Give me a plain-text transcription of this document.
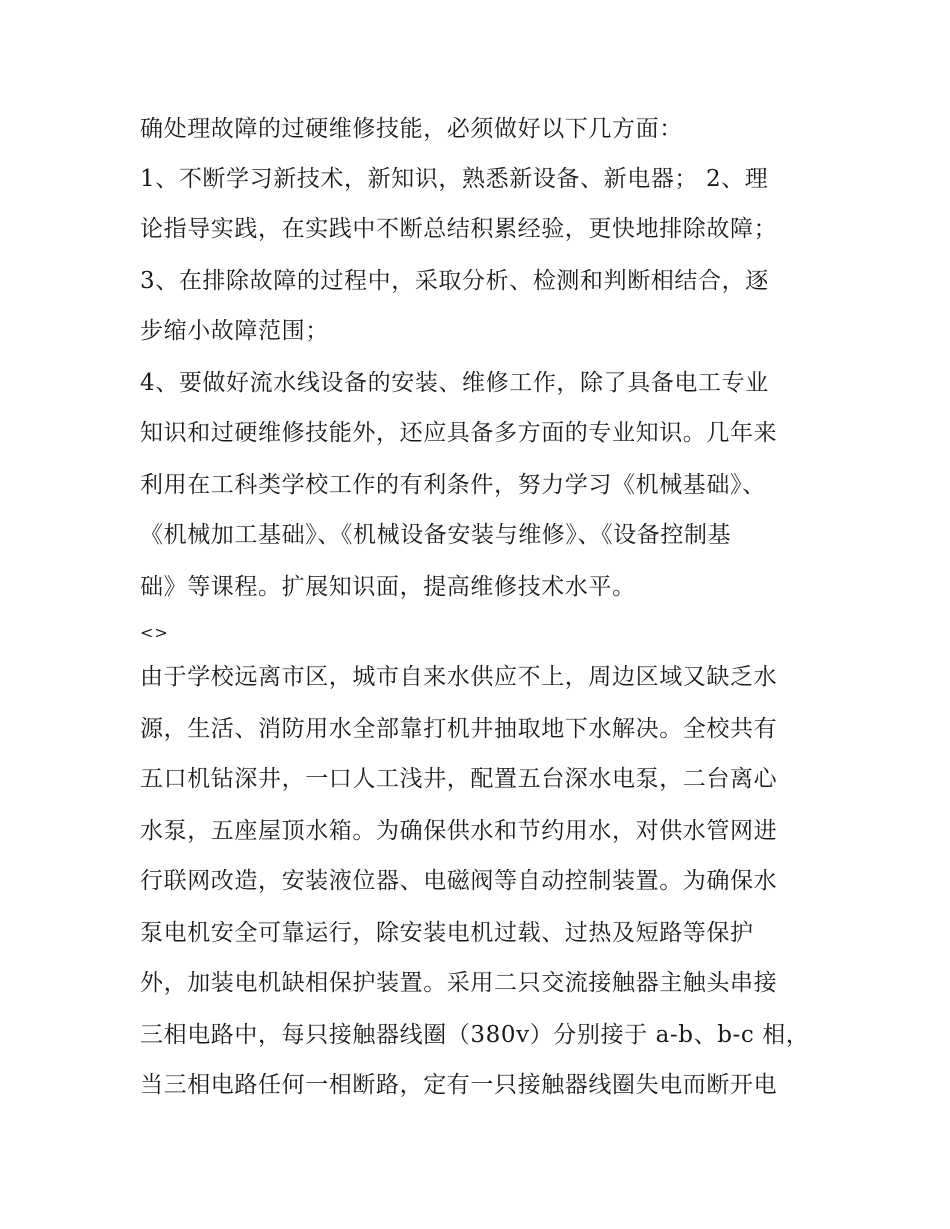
确处理故障的过硬维修技能，必须做好以下几方面：
1、不断学习新技术，新知识，熟悉新设备、新电器； 2、理
论指导实践，在实践中不断总结积累经验，更快地排除故障；
3、在排除故障的过程中，采取分析、检测和判断相结合，逐
步缩小故障范围；
4、要做好流水线设备的安装、维修工作，除了具备电工专业
知识和过硬维修技能外，还应具备多方面的专业知识。几年来
利用在工科类学校工作的有利条件，努力学习《机械基础》、
《机械加工基础》、《机械设备安装与维修》、《设备控制基
础》等课程。扩展知识面，提高维修技术水平。
<>
由于学校远离市区，城市自来水供应不上，周边区域又缺乏水
源，生活、消防用水全部靠打机井抽取地下水解决。全校共有
五口机钻深井，一口人工浅井，配置五台深水电泵，二台离心
水泵，五座屋顶水箱。为确保供水和节约用水，对供水管网进
行联网改造，安装液位器、电磁阀等自动控制装置。为确保水
泵电机安全可靠运行，除安装电机过载、过热及短路等保护
外，加装电机缺相保护装置。采用二只交流接触器主触头串接
三相电路中，每只接触器线圈（380v）分别接于 a-b、b-c 相，
当三相电路任何一相断路，定有一只接触器线圈失电而断开电
